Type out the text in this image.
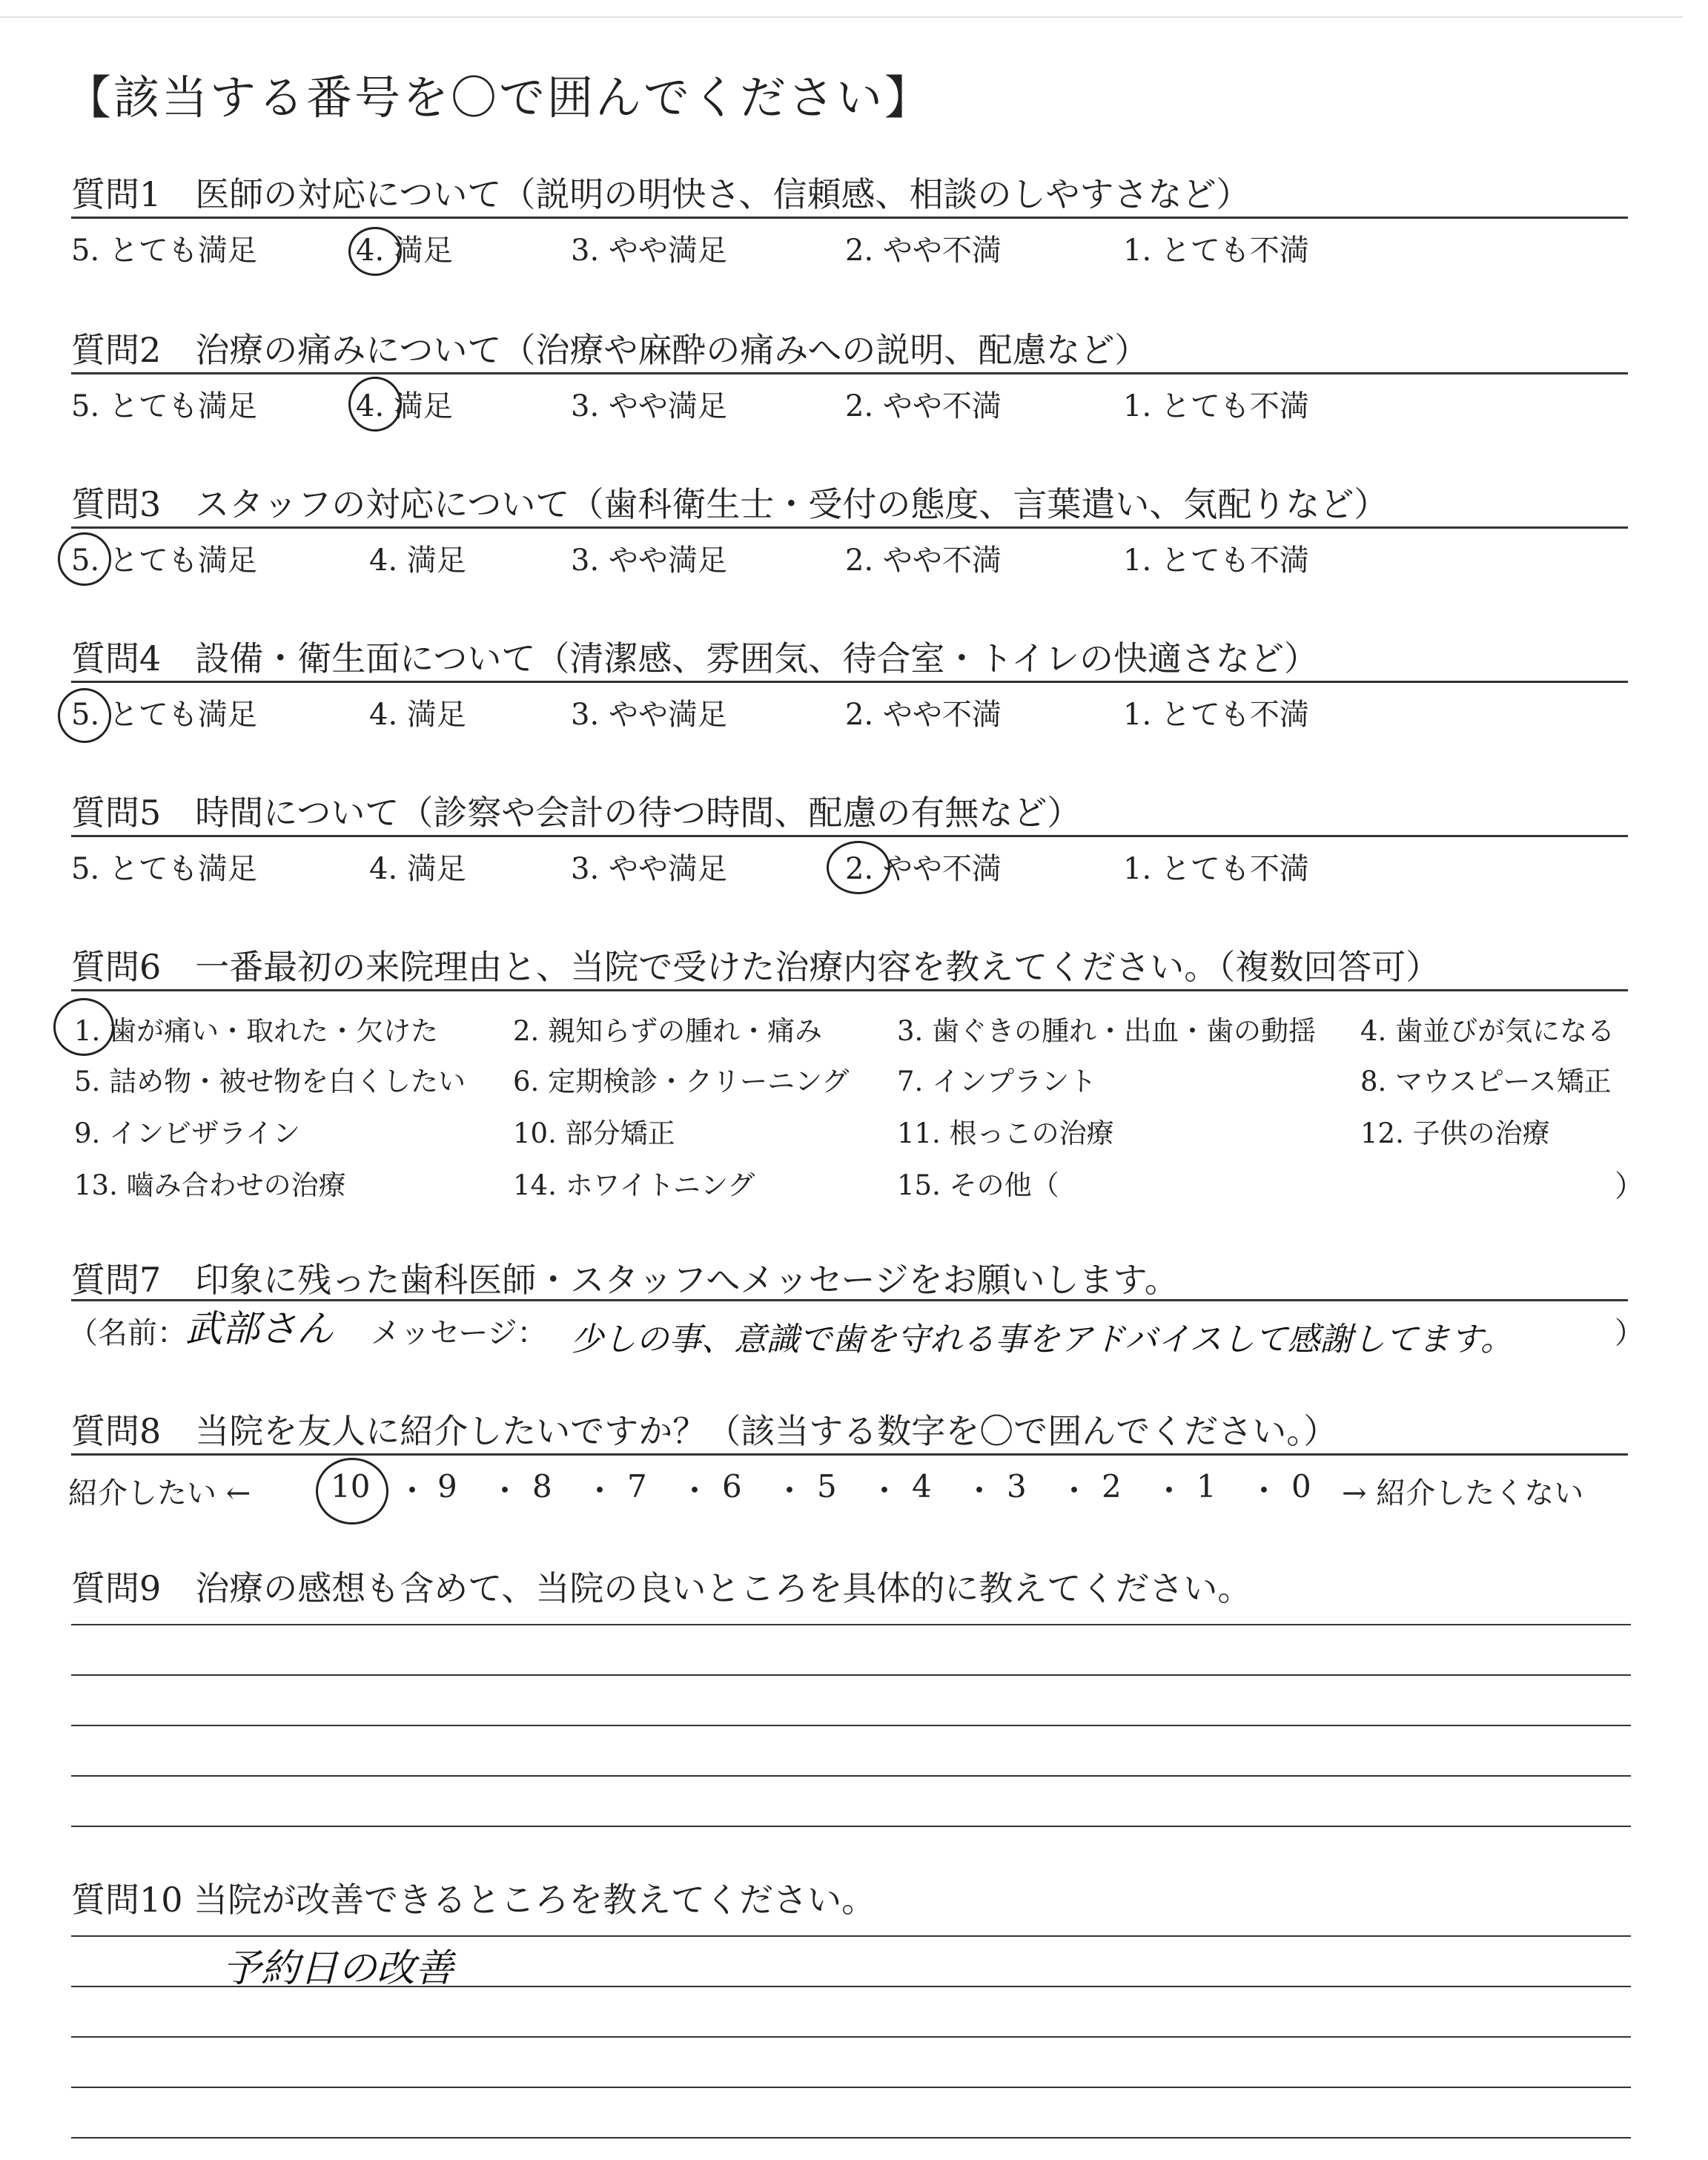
【該当する番号を〇で囲んでください】
質問1　医師の対応について（説明の明快さ、信頼感、相談のしやすさなど）
5. とても満足	4. 満足	3. やや満足	2. やや不満	1. とても不満
質問2　治療の痛みについて（治療や麻酔の痛みへの説明、配慮など）
5. とても満足	4. 満足	3. やや満足	2. やや不満	1. とても不満
質問3　スタッフの対応について（歯科衛生士・受付の態度、言葉遣い、気配りなど）
5. とても満足	4. 満足	3. やや満足	2. やや不満	1. とても不満
質問4　設備・衛生面について（清潔感、雰囲気、待合室・トイレの快適さなど）
5. とても満足	4. 満足	3. やや満足	2. やや不満	1. とても不満
質問5　時間について（診察や会計の待つ時間、配慮の有無など）
5. とても満足	4. 満足	3. やや満足	2. やや不満	1. とても不満
質問6　一番最初の来院理由と、当院で受けた治療内容を教えてください。（複数回答可）
1. 歯が痛い・取れた・欠けた	2. 親知らずの腫れ・痛み	3. 歯ぐきの腫れ・出血・歯の動揺 4. 歯並びが気になる
5. 詰め物・被せ物を白くしたい 6. 定期検診・クリーニング 7. インプラント	8. マウスピース矯正
9. インビザライン	10. 部分矯正	11. 根っこの治療	12. 子供の治療
13. 嚙み合わせの治療	14. ホワイトニング	15. その他（	）
質問7　印象に残った歯科医師・スタッフへメッセージをお願いします。
（名前：
武部さん メッセージ： 少しの事、意識で歯を守れる事をアドバイスして感謝してます。	）
質問8　当院を友人に紹介したいですか？（該当する数字を〇で囲んでください。）
紹介したい ←	10 9 8 7 6 5 4 3 2 1 0
・ ・ ・ ・ ・ ・ ・ ・ ・ ・ → 紹介したくない
質問9　治療の感想も含めて、当院の良いところを具体的に教えてください。
質問10 当院が改善できるところを教えてください。
予約日の改善
